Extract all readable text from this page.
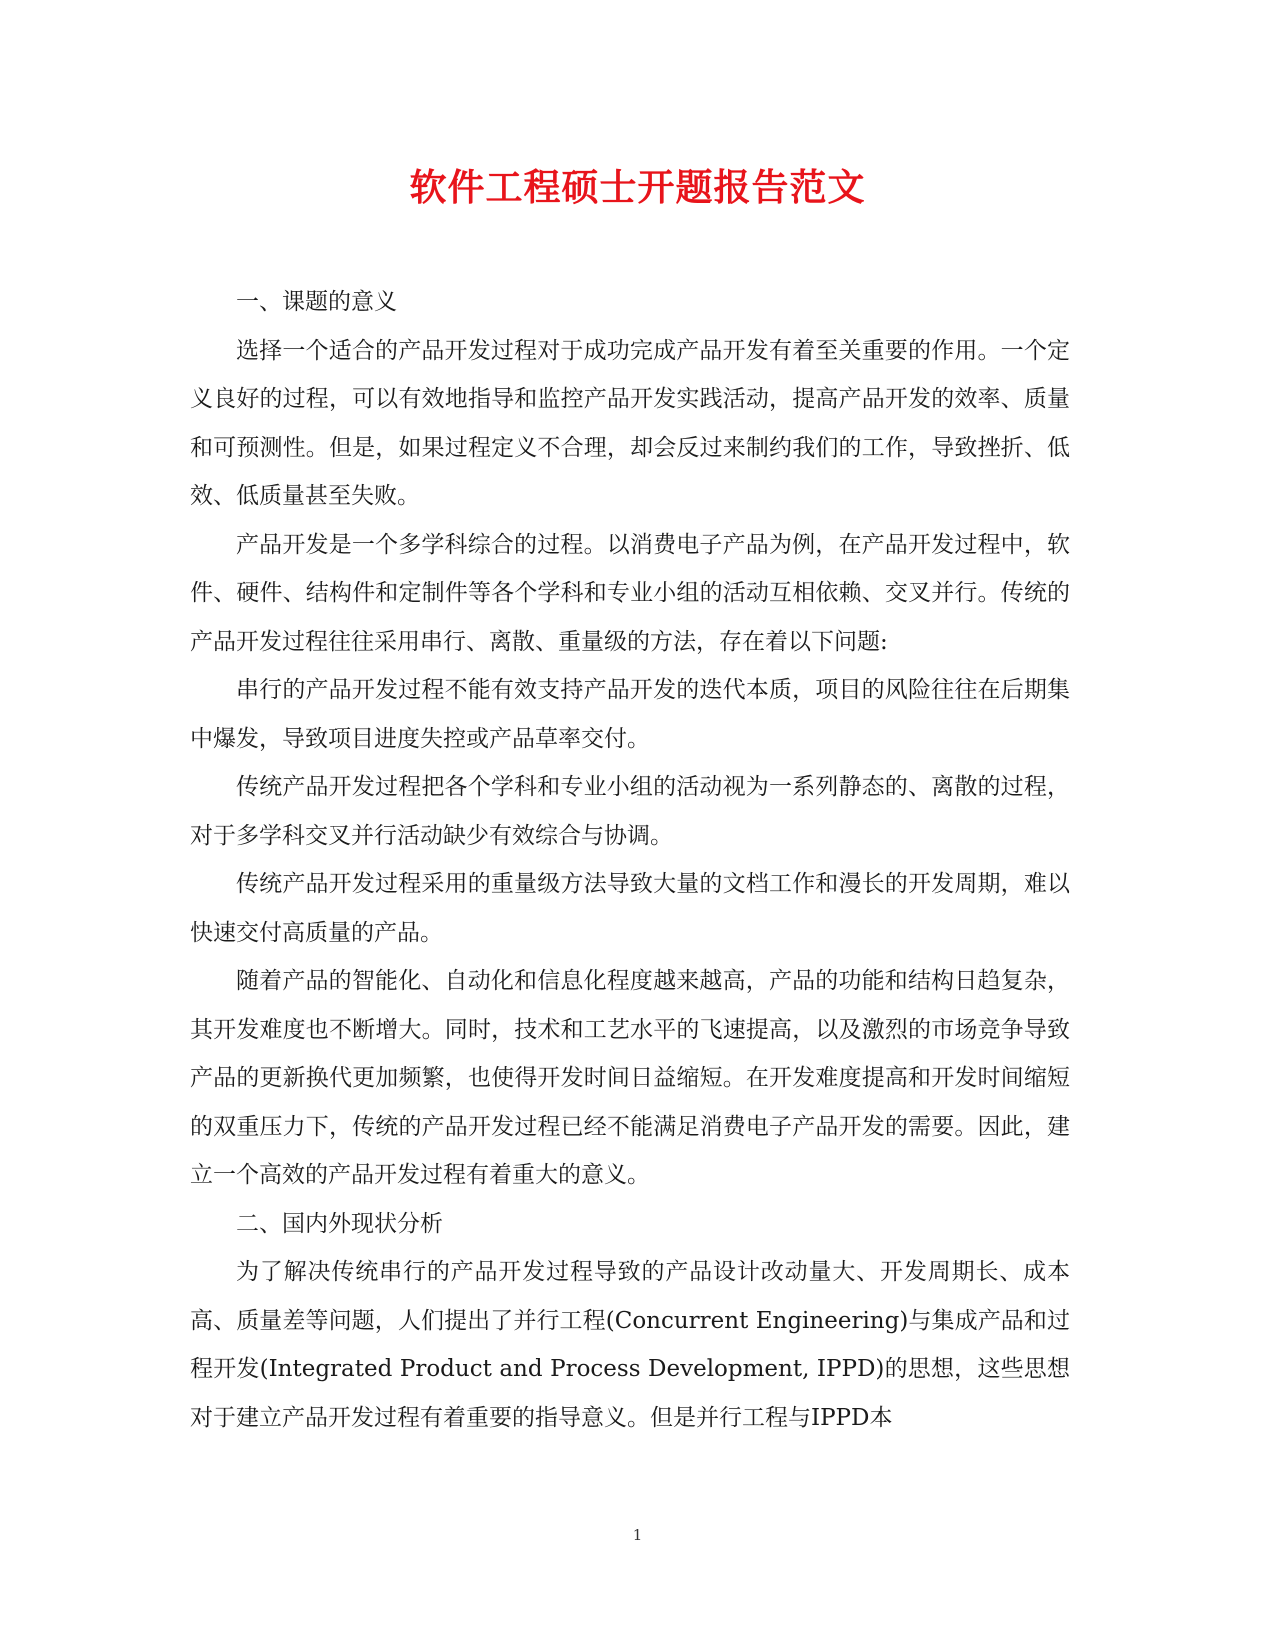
软件工程硕士开题报告范文

一、课题的意义

选择一个适合的产品开发过程对于成功完成产品开发有着至关重要的作用。一个定义良好的过程，可以有效地指导和监控产品开发实践活动，提高产品开发的效率、质量和可预测性。但是，如果过程定义不合理，却会反过来制约我们的工作，导致挫折、低效、低质量甚至失败。

产品开发是一个多学科综合的过程。以消费电子产品为例，在产品开发过程中，软件、硬件、结构件和定制件等各个学科和专业小组的活动互相依赖、交叉并行。传统的产品开发过程往往采用串行、离散、重量级的方法，存在着以下问题:

串行的产品开发过程不能有效支持产品开发的迭代本质，项目的风险往往在后期集中爆发，导致项目进度失控或产品草率交付。

传统产品开发过程把各个学科和专业小组的活动视为一系列静态的、离散的过程，对于多学科交叉并行活动缺少有效综合与协调。

传统产品开发过程采用的重量级方法导致大量的文档工作和漫长的开发周期，难以快速交付高质量的产品。

随着产品的智能化、自动化和信息化程度越来越高，产品的功能和结构日趋复杂，其开发难度也不断增大。同时，技术和工艺水平的飞速提高，以及激烈的市场竞争导致产品的更新换代更加频繁，也使得开发时间日益缩短。在开发难度提高和开发时间缩短的双重压力下，传统的产品开发过程已经不能满足消费电子产品开发的需要。因此，建立一个高效的产品开发过程有着重大的意义。

二、国内外现状分析

为了解决传统串行的产品开发过程导致的产品设计改动量大、开发周期长、成本高、质量差等问题，人们提出了并行工程(Concurrent Engineering)与集成产品和过程开发(Integrated Product and Process Development, IPPD)的思想，这些思想对于建立产品开发过程有着重要的指导意义。但是并行工程与IPPD本

1
